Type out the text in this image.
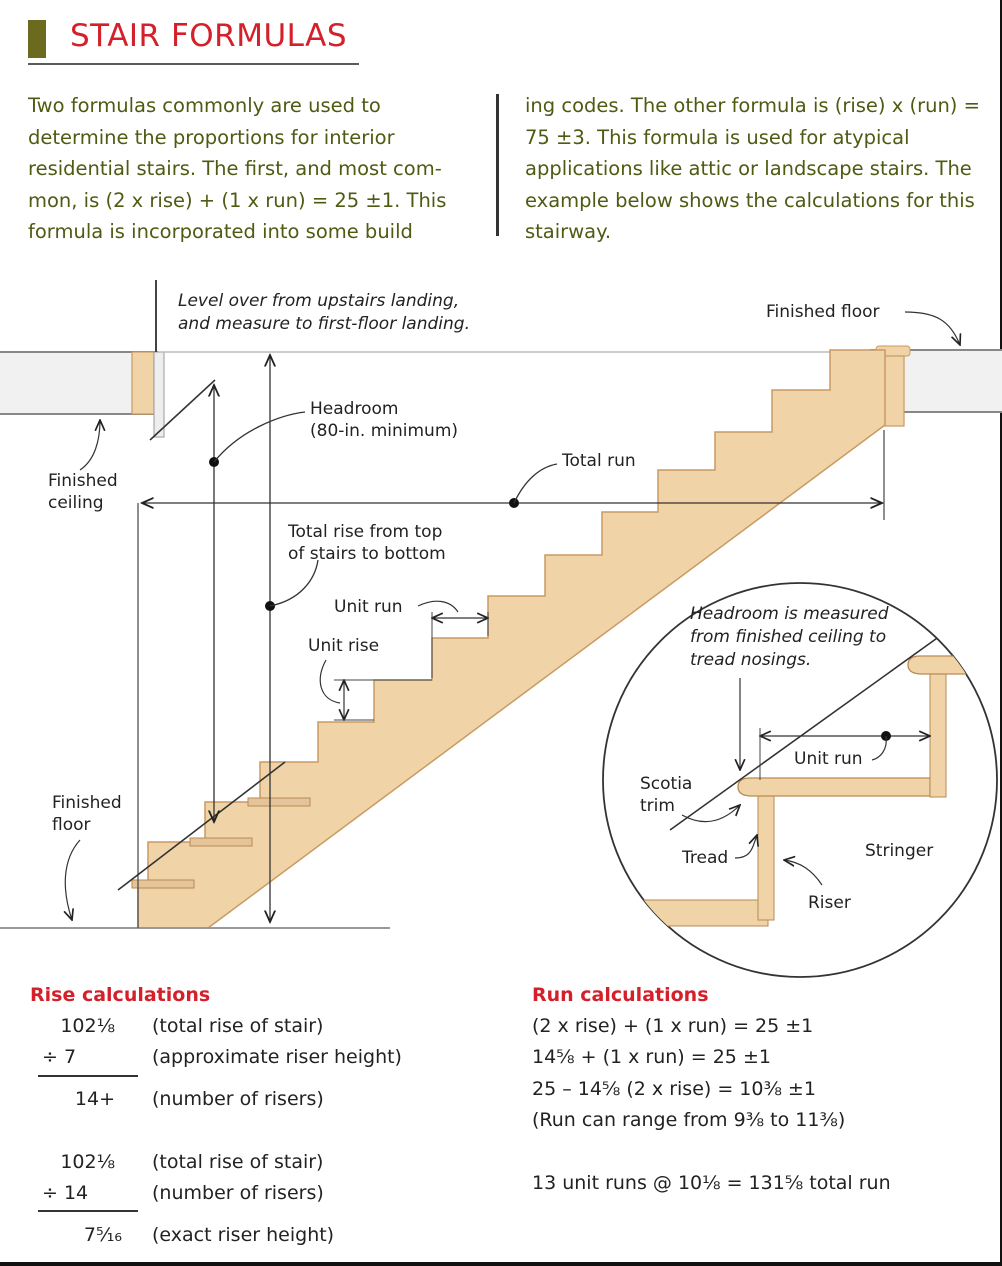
STAIR FORMULAS
Two formulas commonly are used to determine the proportions for interior residential stairs. The first, and most common, is (2 x rise) + (1 x run) = 25 ±1. This formula is incorporated into some build
ing codes. The other formula is (rise) x (run) = 75 ±3. This formula is used for atypical applications like attic or landscape stairs. The example below shows the calculations for this stairway.
Level over from upstairs landing,
and measure to first-floor landing.
Finished floor
Headroom
(80-in. minimum)
Finished
ceiling
Total run
Total rise from top
of stairs to bottom
Unit run
Unit rise
Finished
floor
Headroom is measured
from finished ceiling to
tread nosings.
Unit run
Scotia
trim
Tread	Stringer
Riser
Rise calculations
102⅛ (total rise of stair)
÷ 7	(approximate riser height)
14+ (number of risers)
102⅛ (total rise of stair)
÷ 14	(number of risers)
7⁵⁄₁₆ (exact riser height)
Run calculations
(2 x rise) + (1 x run) = 25 ±1
14⅝ + (1 x run) = 25 ±1
25 – 14⅝ (2 x rise) = 10⅜ ±1
(Run can range from 9⅜ to 11⅜)
13 unit runs @ 10⅛ = 131⅝ total run
